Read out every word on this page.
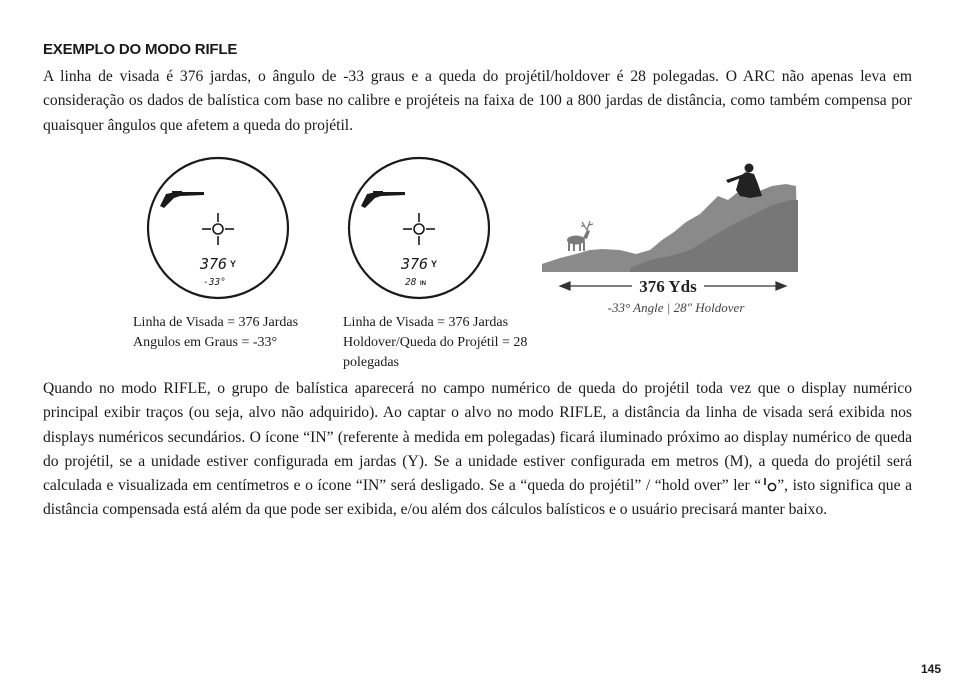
EXEMPLO DO MODO RIFLE

A linha de visada é 376 jardas, o ângulo de -33 graus e a queda do projétil/holdover é 28 polegadas. O ARC não apenas leva em consideração os dados de balística com base no calibre e projéteis na faixa de 100 a 800 jardas de distância, como também compensa por quaisquer ângulos que afetem a queda do projétil.

376 Y
-33°
376 Y
28 IN	376 Yds
-33° Angle | 28" Holdover
Linha de Visada = 376 Jardas
Angulos em Graus = -33°
Linha de Visada = 376 Jardas
Holdover/Queda do Projétil = 28 polegadas

Quando no modo RIFLE, o grupo de balística aparecerá no campo numérico de queda do projétil toda vez que o display numérico principal exibir traços (ou seja, alvo não adquirido). Ao captar o alvo no modo RIFLE, a distância da linha de visada será exibida nos displays numéricos secundários. O ícone “IN” (referente à medida em polegadas) ficará iluminado próximo ao display numérico de queda do projétil, se a unidade estiver configurada em jardas (Y). Se a unidade estiver configurada em metros (M), a queda do projétil será calculada e visualizada em centímetros e o ícone “IN” será desligado. Se a “queda do projétil” / “hold over” ler “ ”, isto significa que a distância compensada está além da que pode ser exibida, e/ou além dos cálculos balísticos e o usuário precisará manter baixo.

145
